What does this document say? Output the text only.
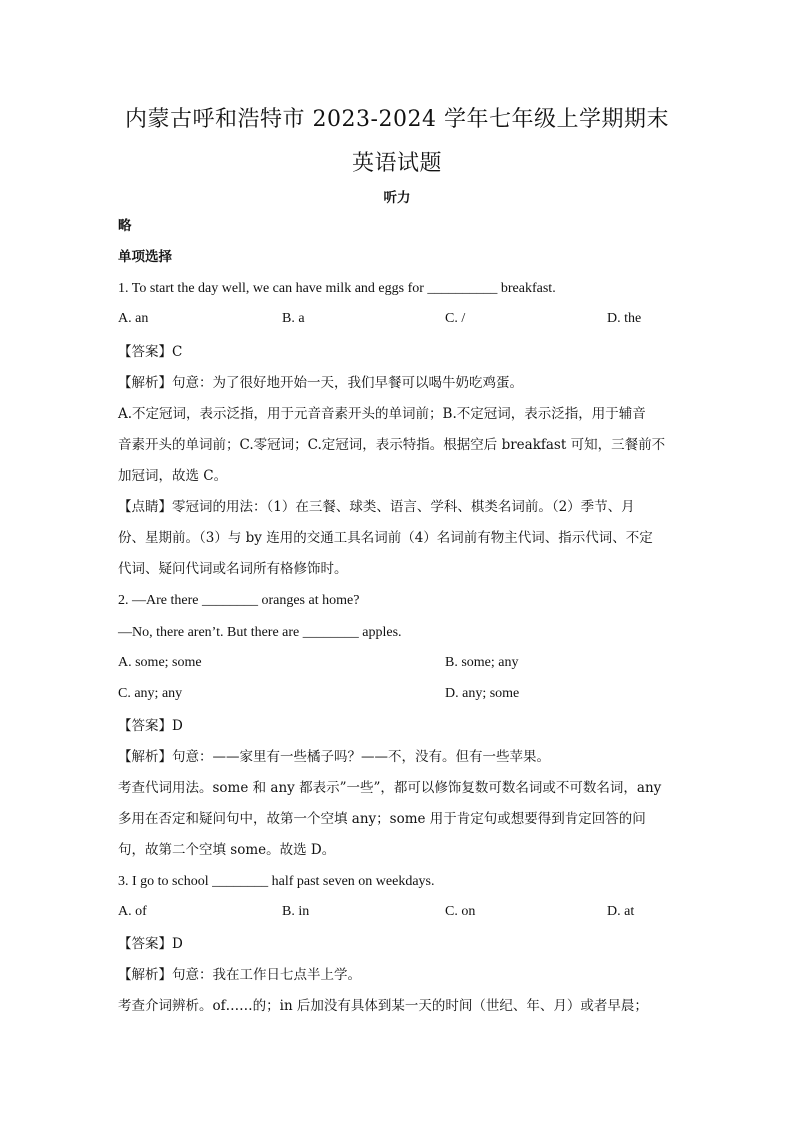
内蒙古呼和浩特市 2023-2024 学年七年级上学期期末
英语试题
听力
略
单项选择
1. To start the day well, we can have milk and eggs for __________ breakfast.
A. an	B. a	C. /	D. the
【答案】C
【解析】句意：为了很好地开始一天，我们早餐可以喝牛奶吃鸡蛋。
A.不定冠词，表示泛指，用于元音音素开头的单词前；B.不定冠词，表示泛指，用于辅音
音素开头的单词前；C.零冠词；C.定冠词，表示特指。根据空后 breakfast 可知，三餐前不
加冠词，故选 C。
【点睛】零冠词的用法：（1）在三餐、球类、语言、学科、棋类名词前。（2）季节、月
份、星期前。（3）与 by 连用的交通工具名词前（4）名词前有物主代词、指示代词、不定
代词、疑问代词或名词所有格修饰时。
2. —Are there ________ oranges at home?
—No, there aren’t. But there are ________ apples.
A. some; some	B. some; any
C. any; any	D. any; some
【答案】D
【解析】句意：——家里有一些橘子吗？——不，没有。但有一些苹果。
考查代词用法。some 和 any 都表示”一些”，都可以修饰复数可数名词或不可数名词，any
多用在否定和疑问句中，故第一个空填 any；some 用于肯定句或想要得到肯定回答的问
句，故第二个空填 some。故选 D。
3. I go to school ________ half past seven on weekdays.
A. of	B. in	C. on	D. at
【答案】D
【解析】句意：我在工作日七点半上学。
考查介词辨析。of……的；in 后加没有具体到某一天的时间（世纪、年、月）或者早晨；
